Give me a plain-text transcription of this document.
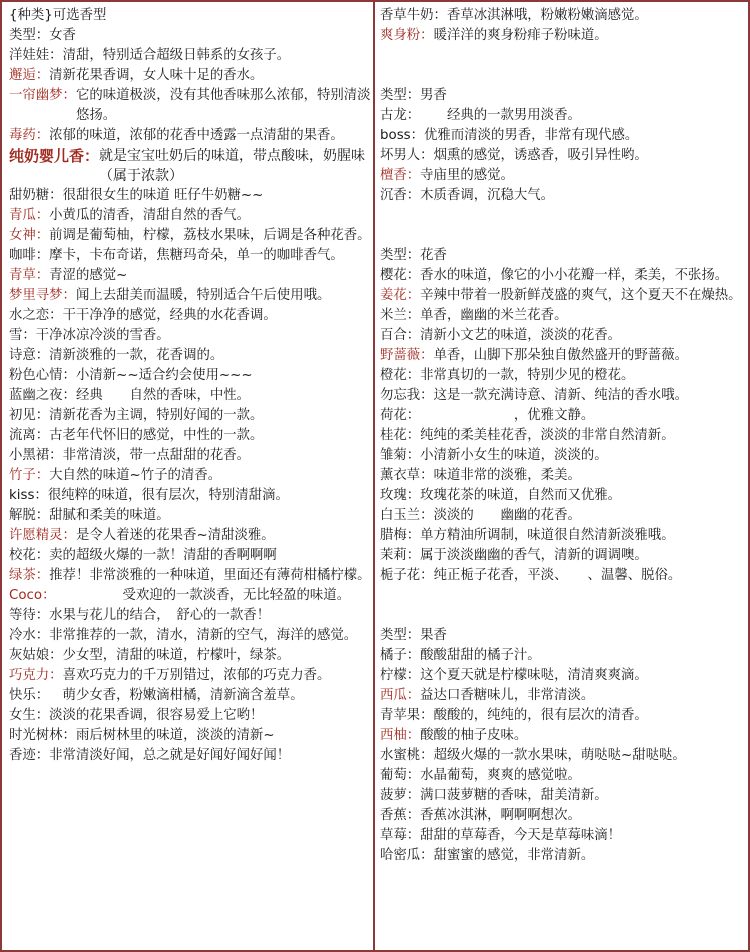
{种类}可选香型
类型：女香
洋娃娃： 清甜，特别适合超级日韩系的女孩子。
邂逅： 清新花果香调，女人味十足的香水。
一帘幽梦： 它的味道极淡，没有其他香味那么浓郁，特别清淡悠扬。
毒药： 浓郁的味道，浓郁的花香中透露一点清甜的果香。
纯奶婴儿香： 就是宝宝吐奶后的味道，带点酸味，奶腥味（属于浓款）
甜奶糖： 很甜很女生的味道 旺仔牛奶糖~~
青瓜： 小黄瓜的清香，清甜自然的香气。
女神： 前调是葡萄柚，柠檬，荔枝水果味，后调是各种花香。
咖啡： 摩卡，卡布奇诺，焦糖玛奇朵，单一的咖啡香气。
青草： 青涩的感觉~
梦里寻梦： 闻上去甜美而温暖，特别适合午后使用哦。
水之恋： 干干净净的感觉，经典的水花香调。
雪： 干净冰凉冷淡的雪香。
诗意： 清新淡雅的一款，花香调的。
粉色心情： 小清新~~适合约会使用~~~
蓝幽之夜： 经典　　自然的香味，中性。
初见： 清新花香为主调，特别好闻的一款。
流离： 古老年代怀旧的感觉，中性的一款。
小黑裙： 非常清淡，带一点甜甜的花香。
竹子： 大自然的味道~竹子的清香。
kiss： 很纯粹的味道，很有层次，特别清甜滴。
解脱： 甜腻和柔美的味道。
许愿精灵： 是令人着迷的花果香~清甜淡雅。
校花： 卖的超级火爆的一款！清甜的香啊啊啊
绿茶： 推荐！非常淡雅的一种味道，里面还有薄荷柑橘柠檬。
Coco： 　　　　　受欢迎的一款淡香，无比轻盈的味道。
等待： 水果与花儿的结合，　舒心的一款香！
冷水： 非常推荐的一款，清水，清新的空气，海洋的感觉。
灰姑娘： 少女型，清甜的味道，柠檬叶，绿茶。
巧克力： 喜欢巧克力的千万别错过，浓郁的巧克力香。
快乐： 　萌少女香，粉嫩滴柑橘，清新滴含羞草。
女生： 淡淡的花果香调，很容易爱上它哟！
时光树林： 雨后树林里的味道，淡淡的清新~
香迹： 非常清淡好闻，总之就是好闻好闻好闻！
香草牛奶： 香草冰淇淋哦，粉嫩粉嫩滴感觉。
爽身粉： 暖洋洋的爽身粉痱子粉味道。
类型：男香
古龙： 　　经典的一款男用淡香。
boss： 优雅而清淡的男香，非常有现代感。
坏男人： 烟熏的感觉，诱惑香，吸引异性哟。
檀香： 寺庙里的感觉。
沉香： 木质香调，沉稳大气。
类型：花香
樱花： 香水的味道，像它的小小花瓣一样，柔美，不张扬。
姜花： 辛辣中带着一股新鲜茂盛的爽气，这个夏天不在燥热。
米兰： 单香，幽幽的米兰花香。
百合： 清新小文艺的味道，淡淡的花香。
野蔷薇： 单香，山脚下那朵独自傲然盛开的野蔷薇。
橙花： 非常真切的一款，特别少见的橙花。
勿忘我： 这是一款充满诗意、清新、纯洁的香水哦。
荷花： 　　　　　　　，优雅文静。
桂花： 纯纯的柔美桂花香，淡淡的非常自然清新。
雏菊： 小清新小女生的味道，淡淡的。
薰衣草： 味道非常的淡雅，柔美。
玫瑰： 玫瑰花茶的味道，自然而又优雅。
白玉兰： 淡淡的　　幽幽的花香。
腊梅： 单方精油所调制，味道很自然清新淡雅哦。
茉莉： 属于淡淡幽幽的香气，清新的调调噢。
栀子花： 纯正栀子花香，平淡、　　、温馨、脱俗。
类型：果香
橘子： 酸酸甜甜的橘子汁。
柠檬： 这个夏天就是柠檬味哒，清清爽爽滴。
西瓜： 益达口香糖味儿，非常清淡。
青苹果： 酸酸的，纯纯的，很有层次的清香。
西柚： 酸酸的柚子皮味。
水蜜桃： 超级火爆的一款水果味，萌哒哒~甜哒哒。
葡萄： 水晶葡萄，爽爽的感觉啦。
菠萝： 满口菠萝糖的香味，甜美清新。
香蕉： 香蕉冰淇淋，啊啊啊想次。
草莓： 甜甜的草莓香，今天是草莓味滴！
哈密瓜： 甜蜜蜜的感觉，非常清新。
